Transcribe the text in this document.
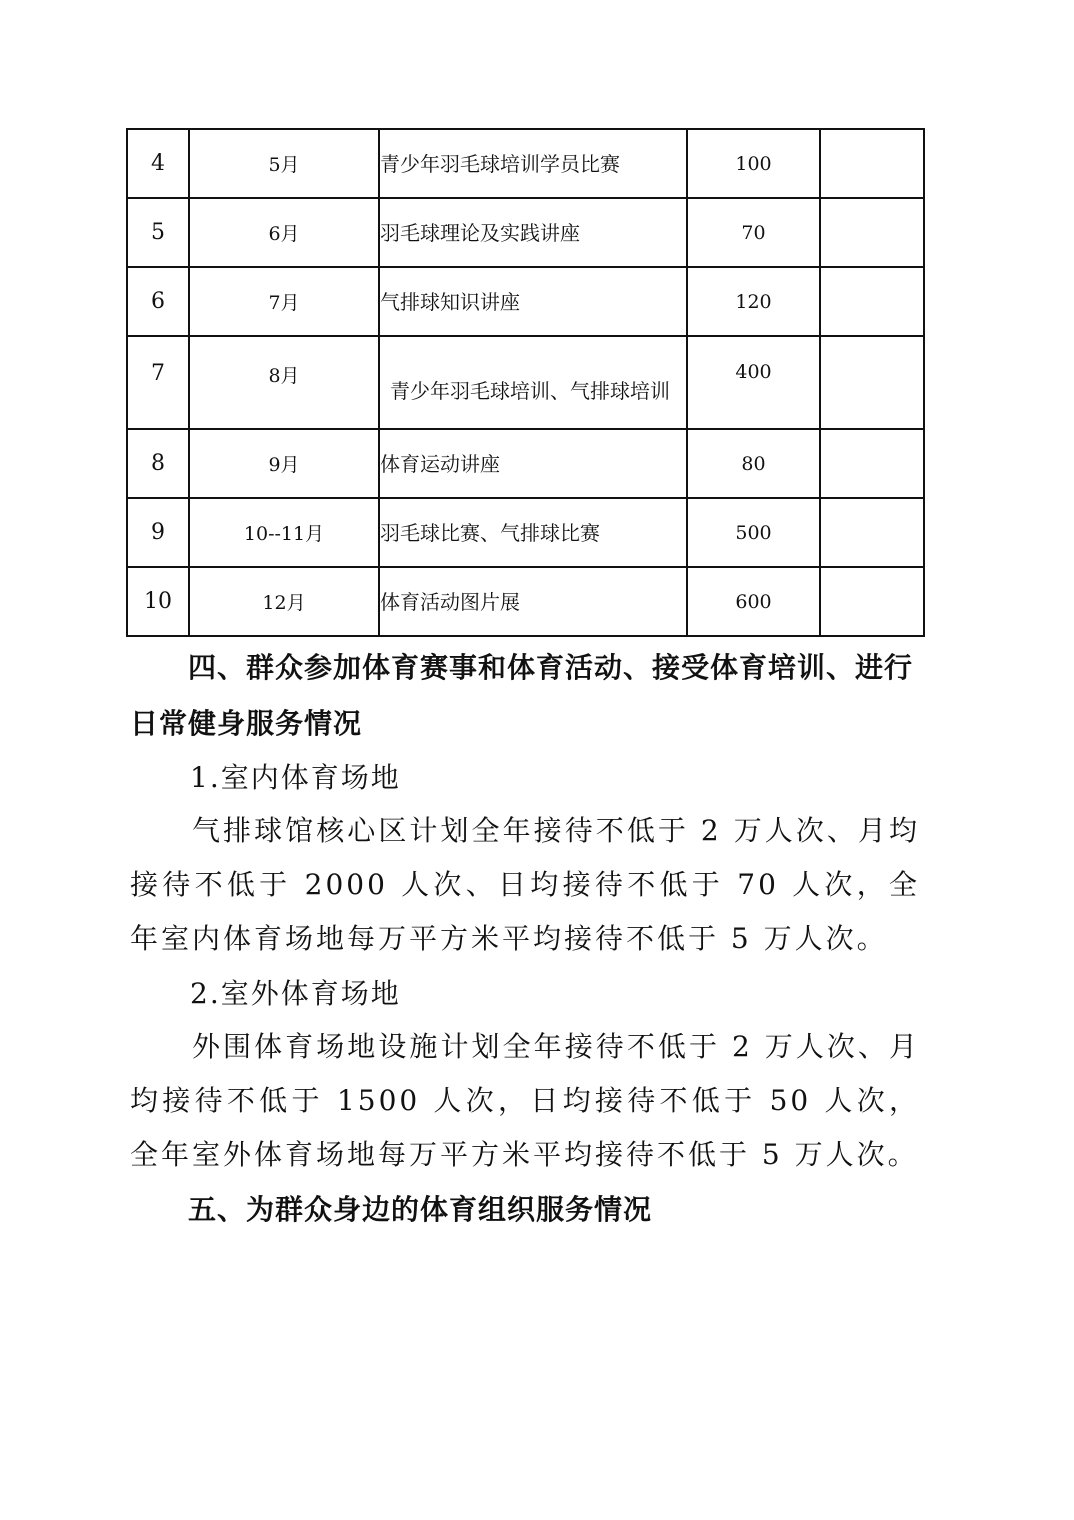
4	5月	青少年羽毛球培训学员比赛	100	
5	6月	羽毛球理论及实践讲座	70	
6	7月	气排球知识讲座	120	
7	8月	青少年羽毛球培训、气排球培训	400	
8	9月	体育运动讲座	80	
9	10--11月	羽毛球比赛、气排球比赛	500	
10	12月	体育活动图片展	600	
四、群众参加体育赛事和体育活动、接受体育培训、进行日常健身服务情况
1.室内体育场地
气排球馆核心区计划全年接待不低于 2 万人次、月均接待不低于 2000 人次、日均接待不低于 70 人次，全年室内体育场地每万平方米平均接待不低于 5 万人次。
2.室外体育场地
外围体育场地设施计划全年接待不低于 2 万人次、月均接待不低于 1500 人次，日均接待不低于 50 人次，全年室外体育场地每万平方米平均接待不低于 5 万人次。
五、为群众身边的体育组织服务情况
